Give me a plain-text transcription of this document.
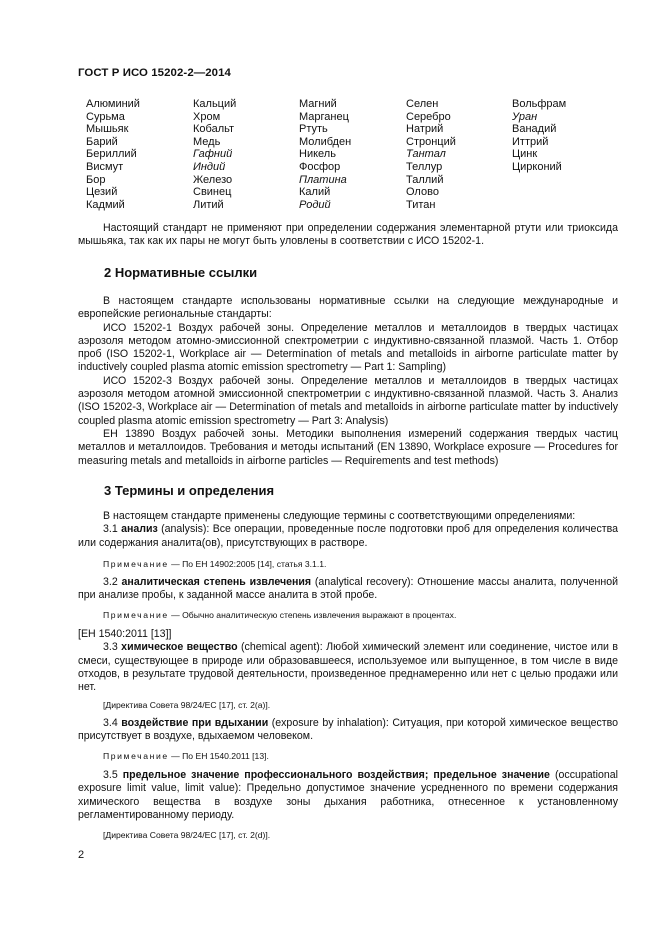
ГОСТ Р ИСО 15202-2—2014
Алюминий
Сурьма
Мышьяк
Барий
Бериллий
Висмут
Бор
Цезий
Кадмий
Кальций
Хром
Кобальт
Медь
Гафний
Индий
Железо
Свинец
Литий
Магний
Марганец
Ртуть
Молибден
Никель
Фосфор
Платина
Калий
Родий
Селен
Серебро
Натрий
Стронций
Тантал
Теллур
Таллий
Олово
Титан
Вольфрам
Уран
Ванадий
Иттрий
Цинк
Цирконий

Настоящий стандарт не применяют при определении содержания элементарной ртути или триоксида мышьяка, так как их пары не могут быть уловлены в соответствии с ИСО 15202-1.

2 Нормативные ссылки

В настоящем стандарте использованы нормативные ссылки на следующие международные и европейские региональные стандарты:

ИСО 15202-1 Воздух рабочей зоны. Определение металлов и металлоидов в твердых частицах аэрозоля методом атомно-эмиссионной спектрометрии с индуктивно-связанной плазмой. Часть 1. Отбор проб (ISO 15202-1, Workplace air — Determination of metals and metalloids in airborne particulate matter by inductively coupled plasma atomic emission spectrometry — Part 1: Sampling)

ИСО 15202-3 Воздух рабочей зоны. Определение металлов и металлоидов в твердых частицах аэрозоля методом атомной эмиссионной спектрометрии с индуктивно-связанной плазмой. Часть 3. Анализ (ISO 15202-3, Workplace air — Determination of metals and metalloids in airborne particulate matter by inductively coupled plasma atomic emission spectrometry — Part 3: Analysis)

ЕН 13890 Воздух рабочей зоны. Методики выполнения измерений содержания твердых частиц металлов и металлоидов. Требования и методы испытаний (EN 13890, Workplace exposure — Procedures for measuring metals and metalloids in airborne particles — Requirements and test methods)

3 Термины и определения

В настоящем стандарте применены следующие термины с соответствующими определениями:

3.1 анализ (analysis): Все операции, проведенные после подготовки проб для определения количества или содержания аналита(ов), присутствующих в растворе.

Примечание — По ЕН 14902:2005 [14], статья 3.1.1.

3.2 аналитическая степень извлечения (analytical recovery): Отношение массы аналита, полученной при анализе пробы, к заданной массе аналита в этой пробе.

Примечание — Обычно аналитическую степень извлечения выражают в процентах.

[ЕН 1540:2011 [13]]

3.3 химическое вещество (chemical agent): Любой химический элемент или соединение, чистое или в смеси, существующее в природе или образовавшееся, используемое или выпущенное, в том числе в виде отходов, в результате трудовой деятельности, произведенное преднамеренно или нет с целью продажи или нет.

[Директива Совета 98/24/ЕС [17], ст. 2(а)].

3.4 воздействие при вдыхании (exposure by inhalation): Ситуация, при которой химическое вещество присутствует в воздухе, вдыхаемом человеком.

Примечание — По ЕН 1540.2011 [13].

3.5 предельное значение профессионального воздействия; предельное значение (occupational exposure limit value, limit value): Предельно допустимое значение усредненного по времени содержания химического вещества в воздухе зоны дыхания работника, отнесенное к установленному регламентированному периоду.

[Директива Совета 98/24/ЕС [17], ст. 2(d)].

2
